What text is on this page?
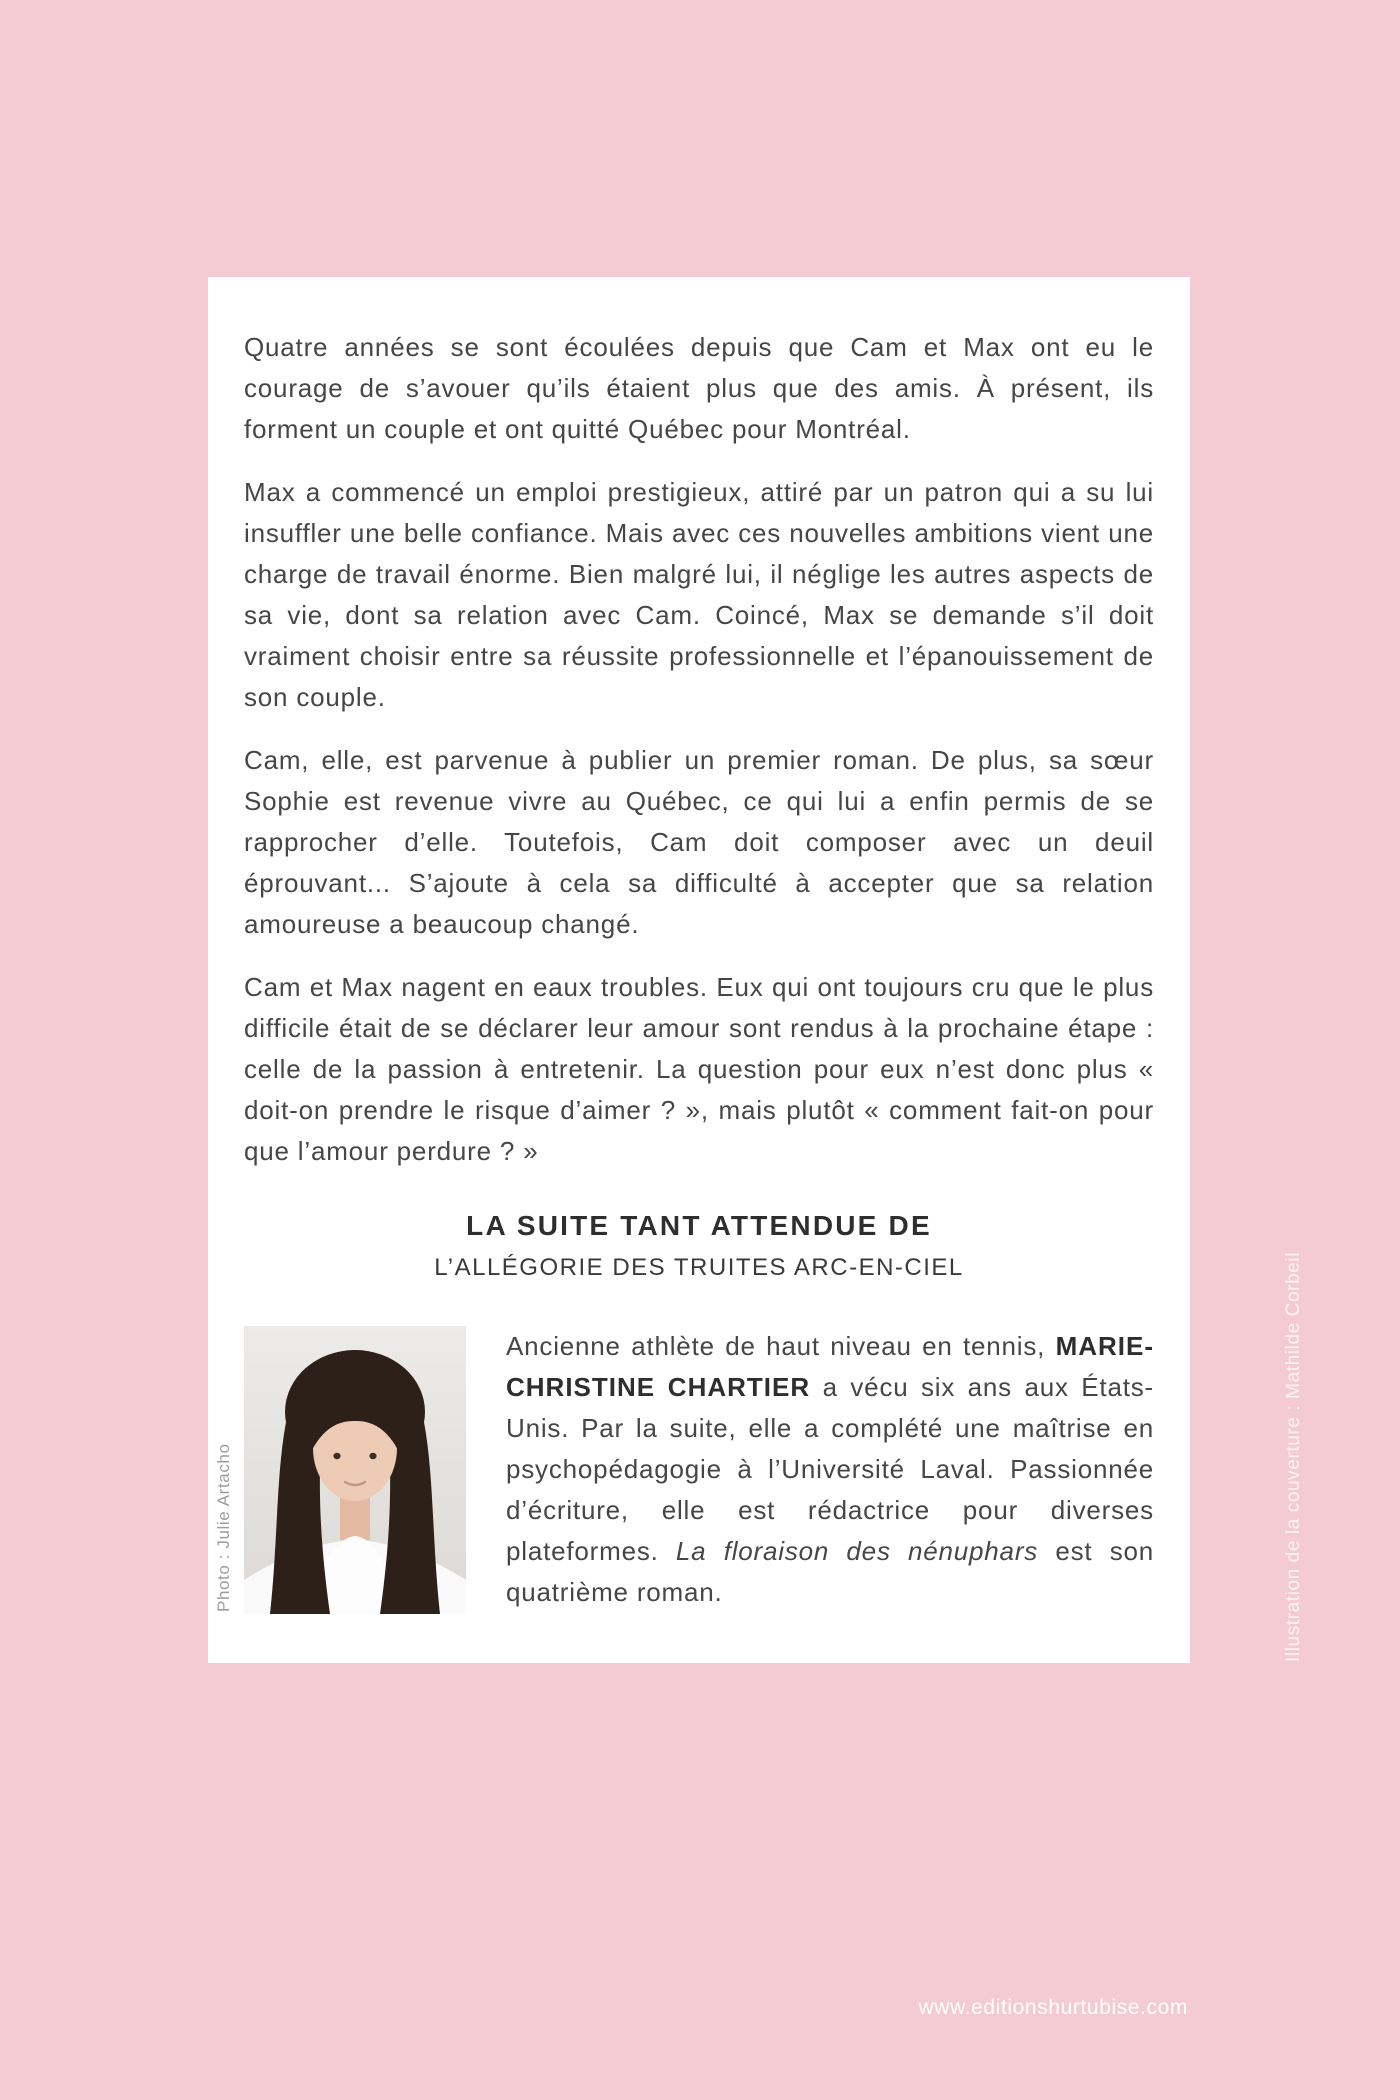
Quatre années se sont écoulées depuis que Cam et Max ont eu le courage de s’avouer qu’ils étaient plus que des amis. À présent, ils forment un couple et ont quitté Québec pour Montréal.

Max a commencé un emploi prestigieux, attiré par un patron qui a su lui insuffler une belle confiance. Mais avec ces nouvelles ambitions vient une charge de travail énorme. Bien malgré lui, il néglige les autres aspects de sa vie, dont sa relation avec Cam. Coincé, Max se demande s’il doit vraiment choisir entre sa réussite professionnelle et l’épanouissement de son couple.

Cam, elle, est parvenue à publier un premier roman. De plus, sa sœur Sophie est revenue vivre au Québec, ce qui lui a enfin permis de se rapprocher d’elle. Toutefois, Cam doit composer avec un deuil éprouvant... S’ajoute à cela sa difficulté à accepter que sa relation amoureuse a beaucoup changé.

Cam et Max nagent en eaux troubles. Eux qui ont toujours cru que le plus difficile était de se déclarer leur amour sont rendus à la prochaine étape : celle de la passion à entretenir. La question pour eux n’est donc plus « doit-on prendre le risque d’aimer ? », mais plutôt « comment fait-on pour que l’amour perdure ? »

LA SUITE TANT ATTENDUE DE
L’ALLÉGORIE DES TRUITES ARC-EN-CIEL
Photo : Julie Artacho

Ancienne athlète de haut niveau en tennis, MARIE-CHRISTINE CHARTIER a vécu six ans aux États-Unis. Par la suite, elle a complété une maîtrise en psychopédagogie à l’Université Laval. Passionnée d’écriture, elle est rédactrice pour diverses plateformes. La floraison des nénuphars est son quatrième roman.	Illustration de la couverture : Mathilde Corbeil
www.editionshurtubise.com
